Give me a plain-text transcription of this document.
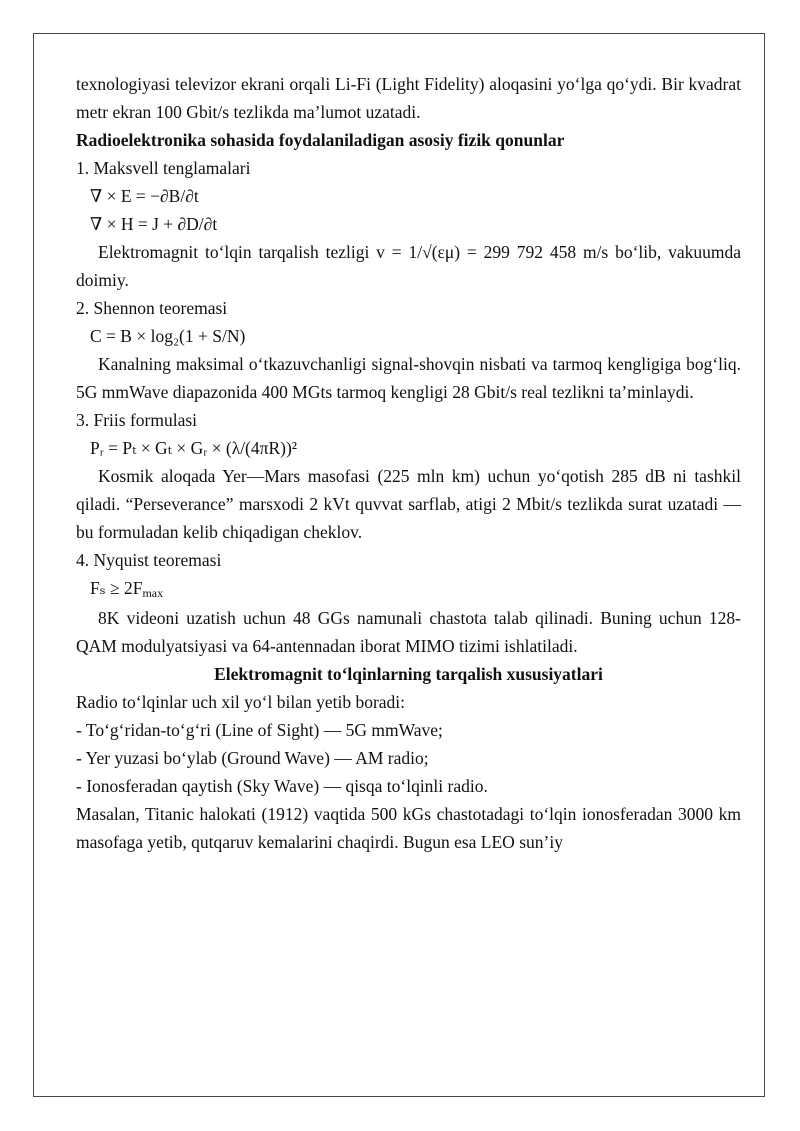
texnologiyasi televizor ekrani orqali Li-Fi (Light Fidelity) aloqasini yo‘lga qo‘ydi. Bir kvadrat metr ekran 100 Gbit/s tezlikda ma’lumot uzatadi.

Radioelektronika sohasida foydalaniladigan asosiy fizik qonunlar

1. Maksvell tenglamalari

∇ × E = −∂B/∂t

∇ × H = J + ∂D/∂t

Elektromagnit to‘lqin tarqalish tezligi v = 1/√(εμ) = 299 792 458 m/s bo‘lib, vakuumda doimiy.

2. Shennon teoremasi

C = B × log₂(1 + S/N)

Kanalning maksimal o‘tkazuvchanligi signal-shovqin nisbati va tarmoq kengligiga bog‘liq. 5G mmWave diapazonida 400 MGts tarmoq kengligi 28 Gbit/s real tezlikni ta’minlaydi.

3. Friis formulasi

Pᵣ = Pₜ × Gₜ × Gᵣ × (λ/(4πR))²

Kosmik aloqada Yer—Mars masofasi (225 mln km) uchun yo‘qotish 285 dB ni tashkil qiladi. “Perseverance” marsxodi 2 kVt quvvat sarflab, atigi 2 Mbit/s tezlikda surat uzatadi — bu formuladan kelib chiqadigan cheklov.

4. Nyquist teoremasi

Fₛ ≥ 2Fmax

8K videoni uzatish uchun 48 GGs namunali chastota talab qilinadi. Buning uchun 128-QAM modulyatsiyasi va 64-antennadan iborat MIMO tizimi ishlatiladi.

Elektromagnit to‘lqinlarning tarqalish xususiyatlari

Radio to‘lqinlar uch xil yo‘l bilan yetib boradi:

- To‘g‘ridan-to‘g‘ri (Line of Sight) — 5G mmWave;

- Yer yuzasi bo‘ylab (Ground Wave) — AM radio;

- Ionosferadan qaytish (Sky Wave) — qisqa to‘lqinli radio.

Masalan, Titanic halokati (1912) vaqtida 500 kGs chastotadagi to‘lqin ionosferadan 3000 km masofaga yetib, qutqaruv kemalarini chaqirdi. Bugun esa LEO sun’iy
